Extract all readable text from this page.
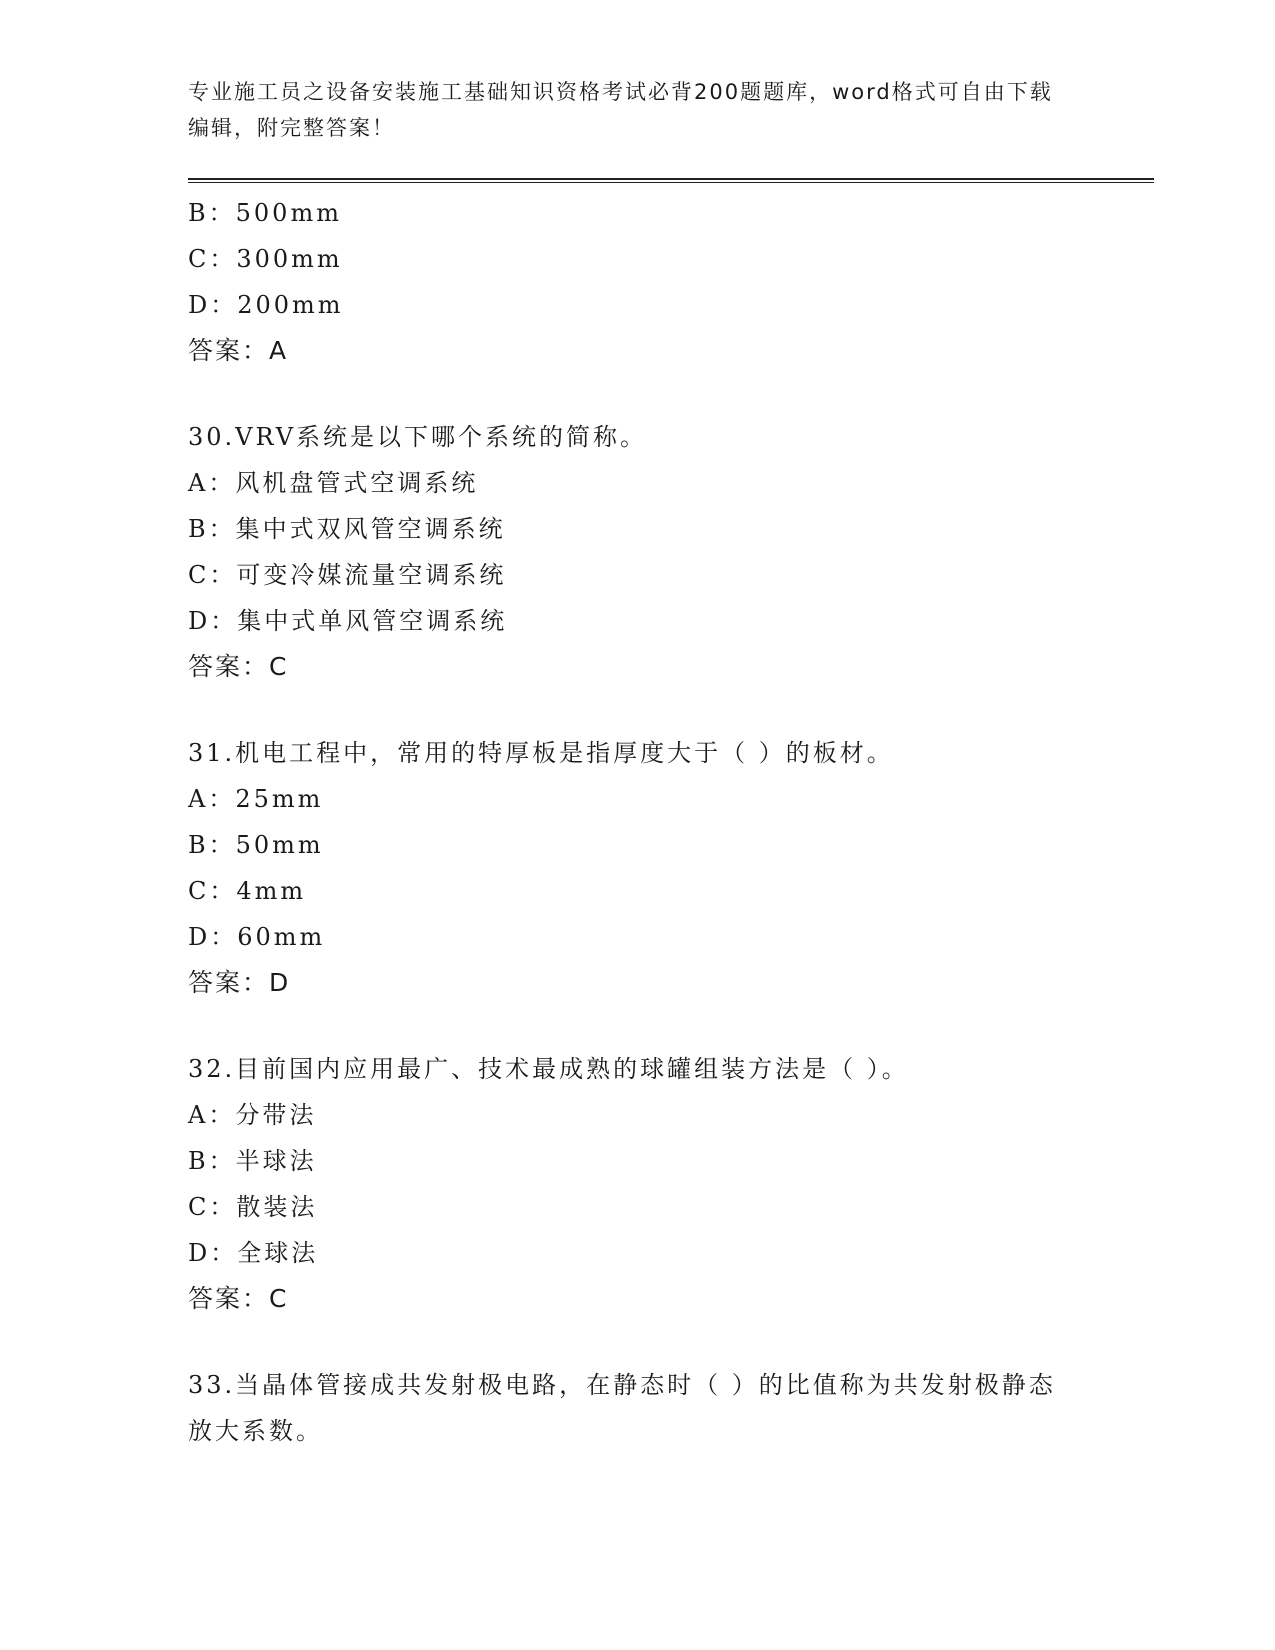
专业施工员之设备安装施工基础知识资格考试必背200题题库，word格式可自由下载编辑，附完整答案！
B：500mm
C：300mm
D：200mm
答案：A
30.VRV系统是以下哪个系统的简称。
A：风机盘管式空调系统
B：集中式双风管空调系统
C：可变冷媒流量空调系统
D：集中式单风管空调系统
答案：C
31.机电工程中，常用的特厚板是指厚度大于（ ）的板材。
A：25mm
B：50mm
C：4mm
D：60mm
答案：D
32.目前国内应用最广、技术最成熟的球罐组装方法是（ ）。
A：分带法
B：半球法
C：散装法
D：全球法
答案：C
33.当晶体管接成共发射极电路，在静态时（ ）的比值称为共发射极静态放大系数。
